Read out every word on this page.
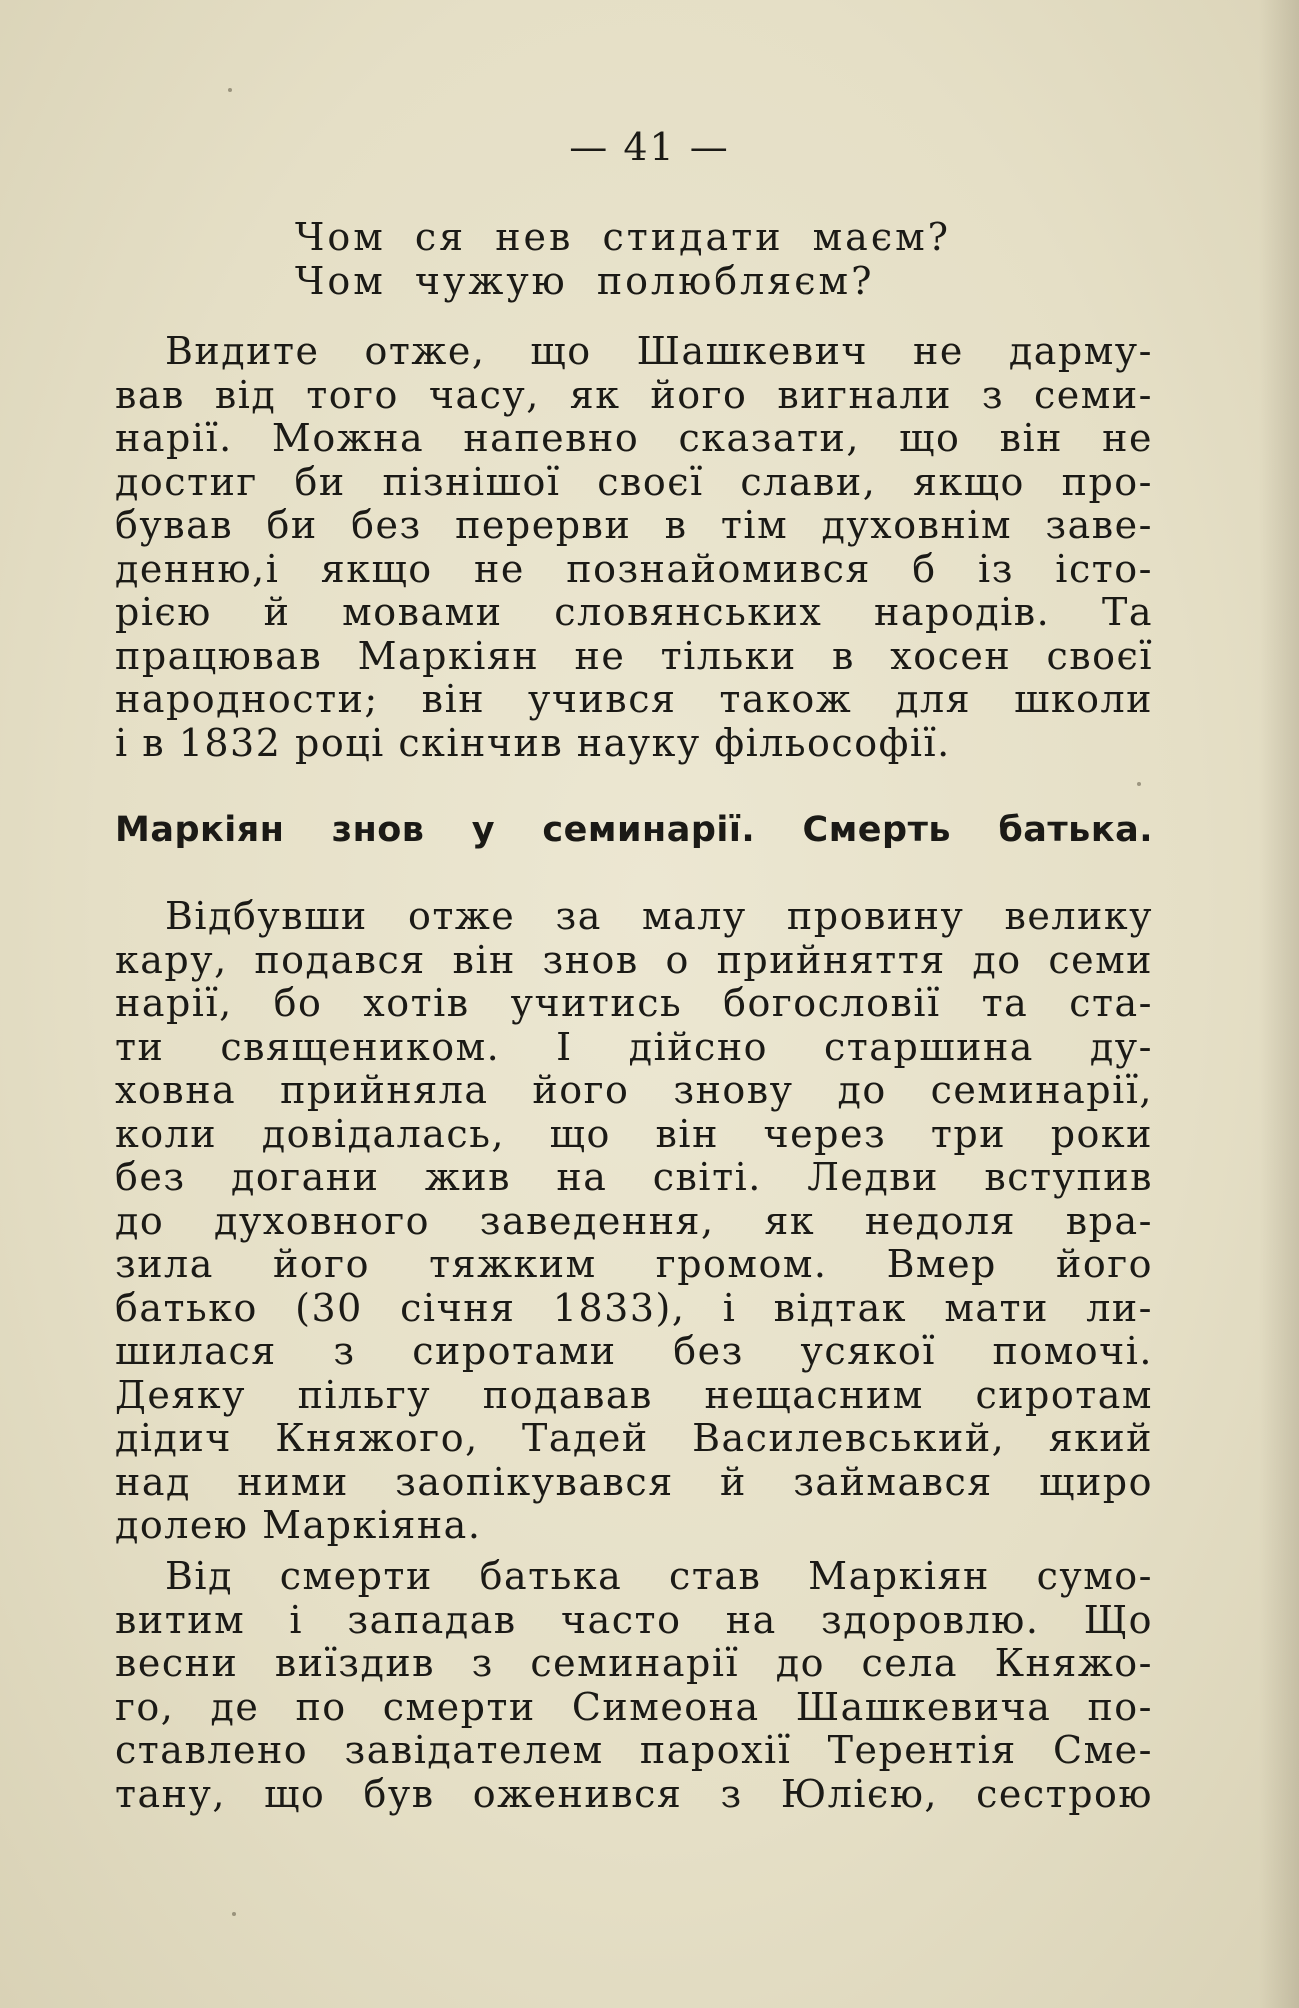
— 41 —
Чом ся нев стидати маєм?
Чом чужую полюбляєм?
Видите отже, що Шашкевич не дарму-
вав від того часу, як його вигнали з семи-
нарії. Можна напевно сказати, що він не
достиг би пізнішої своєї слави, якщо про-
бував би без перерви в тім духовнім заве-
денню,і якщо не познайомився б із істо-
рією й мовами словянських народів. Та
працював Маркіян не тільки в хосен своєї
народности; він учився також для школи
і в 1832 році скінчив науку фільософії.
Маркіян знов у семинарії. Смерть батька.
Відбувши отже за малу провину велику
кару, подався він знов о прийняття до семи
нарії, бо хотів учитись богословії та ста-
ти священиком. І дійсно старшина ду-
ховна прийняла його знову до семинарії,
коли довідалась, що він через три роки
без догани жив на світі. Ледви вступив
до духовного заведення, як недоля вра-
зила його тяжким громом. Вмер його
батько (30 січня 1833), і відтак мати ли-
шилася з сиротами без усякої помочі.
Деяку пільгу подавав нещасним сиротам
дідич Княжого, Тадей Василевський, який
над ними заопікувався й займався щиро
долею Маркіяна.
Від смерти батька став Маркіян сумо-
витим і западав часто на здоровлю. Що
весни виїздив з семинарії до села Княжо-
го, де по смерти Симеона Шашкевича по-
ставлено завідателем парохії Терентія Сме-
тану, що був оженився з Юлією, сестрою
